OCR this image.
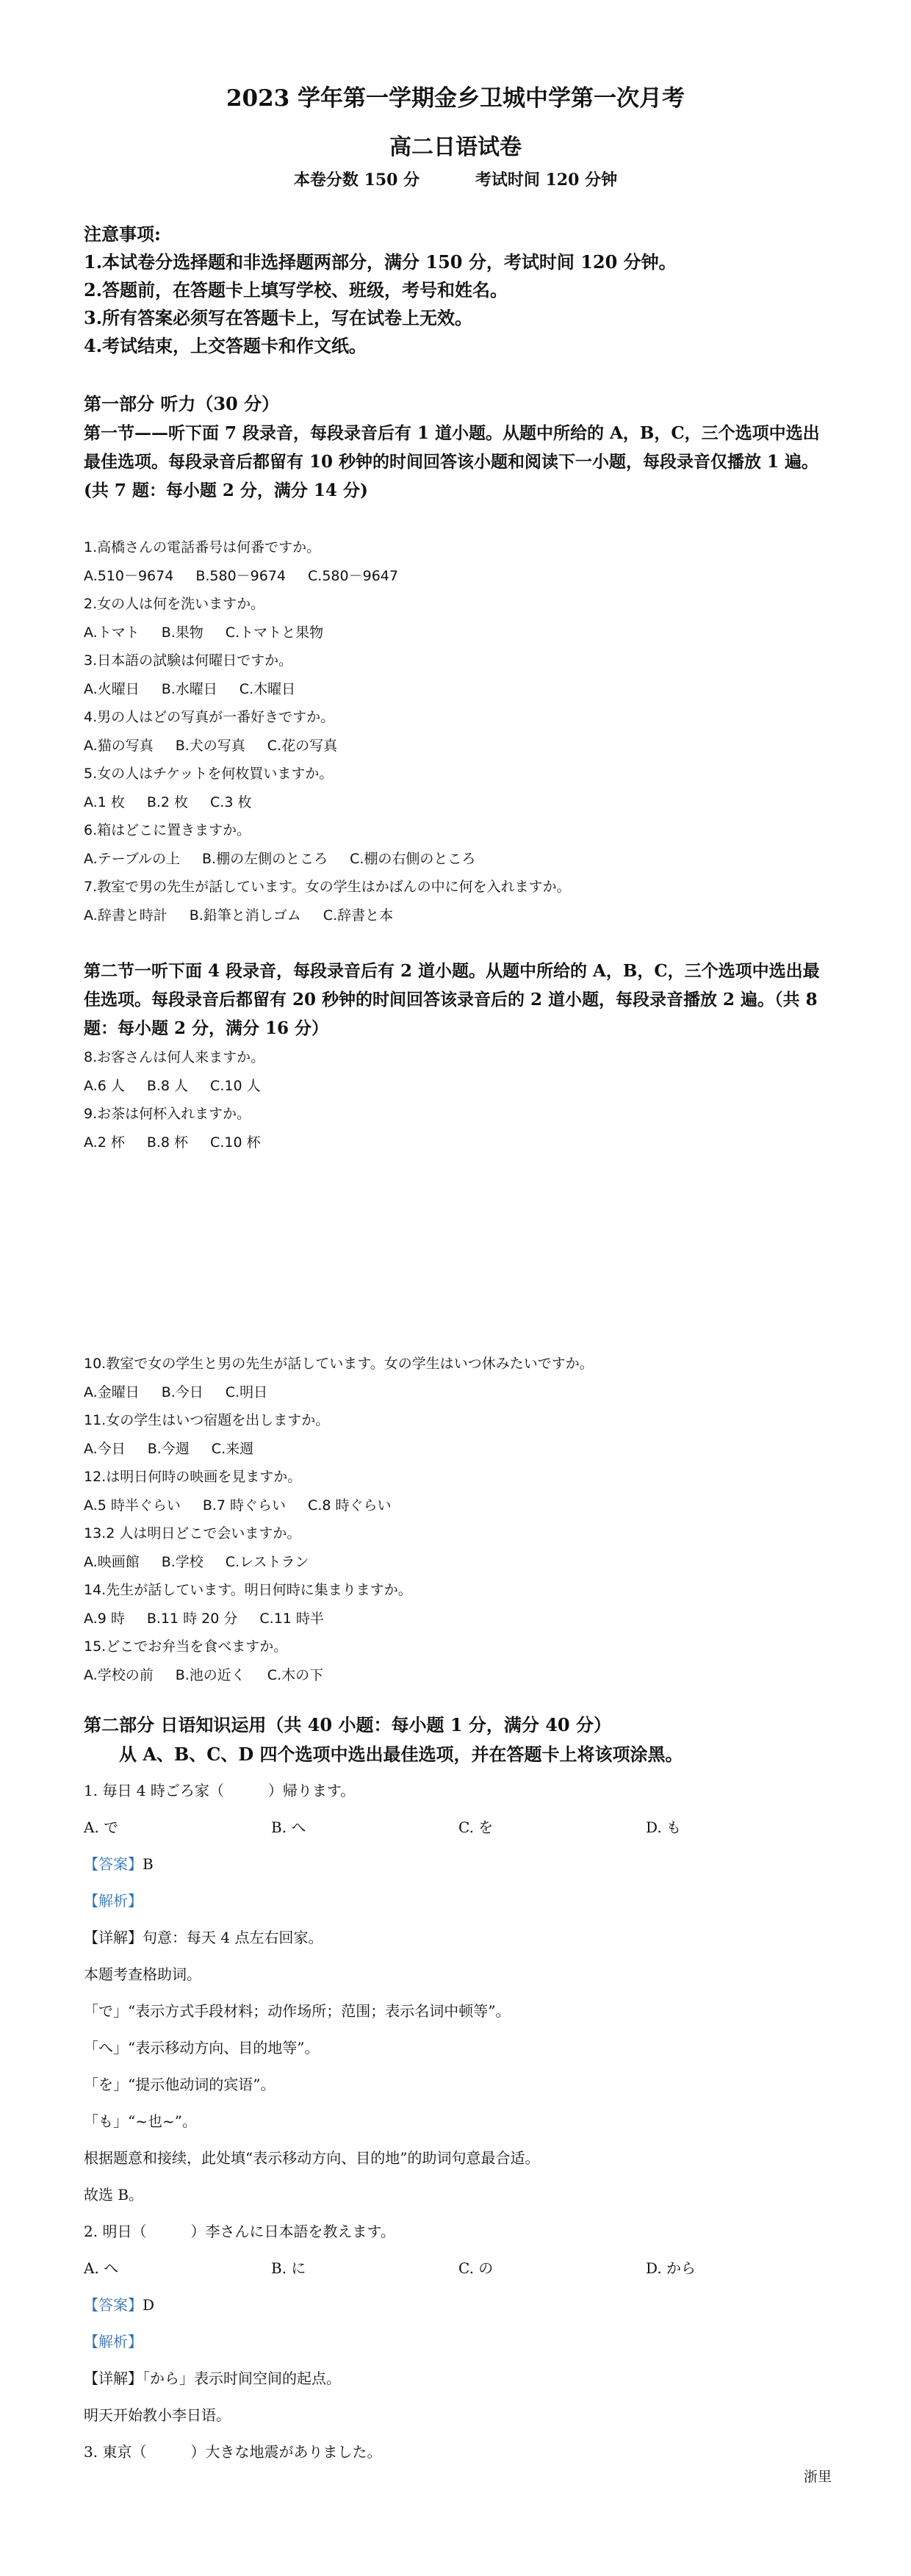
2023 学年第一学期金乡卫城中学第一次月考
高二日语试卷
本卷分数 150 分	考试时间 120 分钟
注意事项:
1.本试卷分选择题和非选择题两部分，满分 150 分，考试时间 120 分钟。
2.答题前，在答题卡上填写学校、班级，考号和姓名。
3.所有答案必须写在答题卡上，写在试卷上无效。
4.考试结束，上交答题卡和作文纸。
第一部分 听力（30 分）
第一节——听下面 7 段录音，每段录音后有 1 道小题。从题中所给的 A，B，C，三个选项中选出最佳选项。每段录音后都留有 10 秒钟的时间回答该小题和阅读下一小题，每段录音仅播放 1 遍。(共 7 题：每小题 2 分，满分 14 分)
1.高橋さんの電話番号は何番ですか。
A.510－9674 B.580－9674 C.580－9647
2.女の人は何を洗いますか。
A.トマト B.果物 C.トマトと果物
3.日本語の試験は何曜日ですか。
A.火曜日 B.水曜日 C.木曜日
4.男の人はどの写真が一番好きですか。
A.猫の写真 B.犬の写真 C.花の写真
5.女の人はチケットを何枚買いますか。
A.1 枚 B.2 枚 C.3 枚
6.箱はどこに置きますか。
A.テーブルの上 B.棚の左側のところ C.棚の右側のところ
7.教室で男の先生が話しています。女の学生はかばんの中に何を入れますか。
A.辞書と時計 B.鉛筆と消しゴム C.辞書と本
第二节一听下面 4 段录音，每段录音后有 2 道小题。从题中所给的 A，B，C，三个选项中选出最佳选项。每段录音后都留有 20 秒钟的时间回答该录音后的 2 道小题，每段录音播放 2 遍。（共 8 题：每小题 2 分，满分 16 分）
8.お客さんは何人来ますか。
A.6 人 B.8 人 C.10 人
9.お茶は何杯入れますか。
A.2 杯 B.8 杯 C.10 杯
10.教室で女の学生と男の先生が話しています。女の学生はいつ休みたいですか。
A.金曜日 B.今日 C.明日
11.女の学生はいつ宿題を出しますか。
A.今日 B.今週 C.来週
12.は明日何時の映画を見ますか。
A.5 時半ぐらい B.7 時ぐらい C.8 時ぐらい
13.2 人は明日どこで会いますか。
A.映画館 B.学校 C.レストラン
14.先生が話しています。明日何時に集まりますか。
A.9 時 B.11 時 20 分 C.11 時半
15.どこでお弁当を食べますか。
A.学校の前 B.池の近く C.木の下
第二部分 日语知识运用（共 40 小题：每小题 1 分，满分 40 分）
从 A、B、C、D 四个选项中选出最佳选项，并在答题卡上将该项涂黑。
1. 毎日 4 時ごろ家（　　　）帰ります。
A. で	B. へ	C. を	D. も
【答案】B
【解析】
【详解】句意：每天 4 点左右回家。
本题考查格助词。
「で」“表示方式手段材料；动作场所；范围；表示名词中顿等”。
「へ」“表示移动方向、目的地等”。
「を」“提示他动词的宾语”。
「も」“~也~”。
根据题意和接续，此处填“表示移动方向、目的地”的助词句意最合适。
故选 B。
2. 明日（　　　）李さんに日本語を教えます。
A. へ	B. に	C. の	D. から
【答案】D
【解析】
【详解】「から」表示时间空间的起点。
明天开始教小李日语。
3. 東京（　　　）大きな地震がありました。
浙里
